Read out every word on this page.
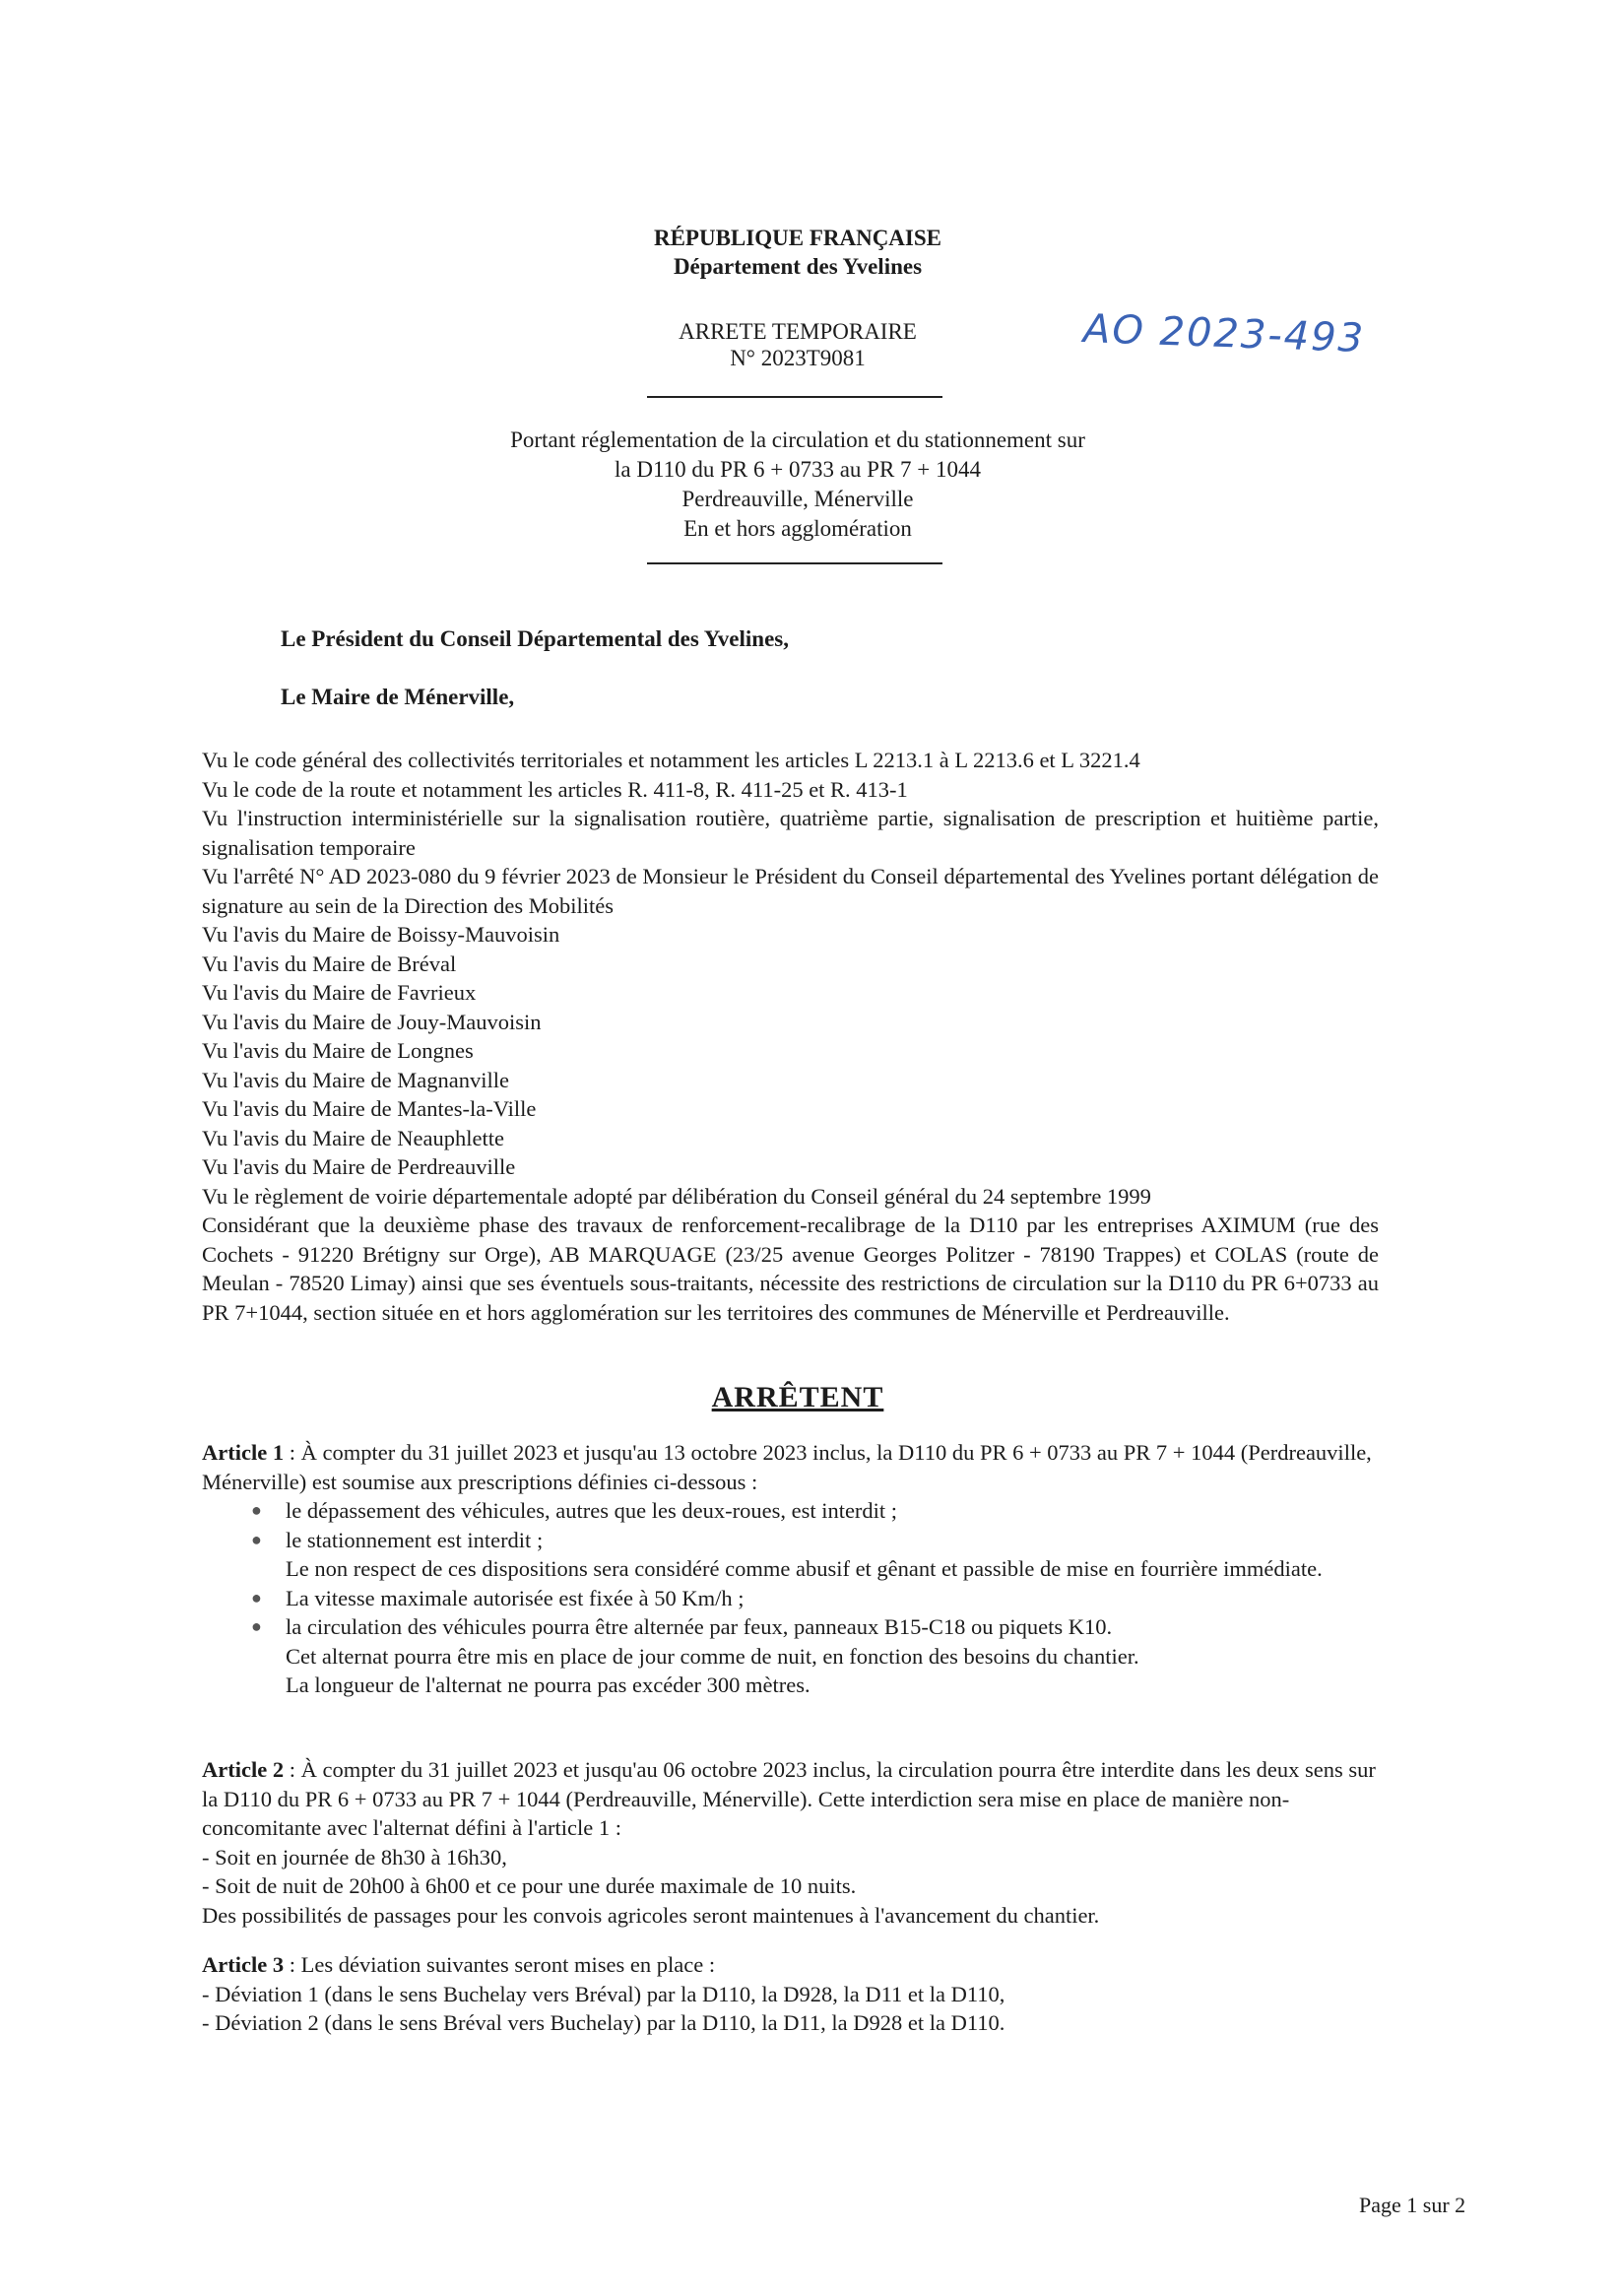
RÉPUBLIQUE FRANÇAISE
Département des Yvelines
ARRETE TEMPORAIRE
N° 2023T9081	AO 2023-493
Portant réglementation de la circulation et du stationnement sur
la D110 du PR 6 + 0733 au PR 7 + 1044
Perdreauville, Ménerville
En et hors agglomération
Le Président du Conseil Départemental des Yvelines,
Le Maire de Ménerville,
Vu le code général des collectivités territoriales et notamment les articles L 2213.1 à L 2213.6 et L 3221.4
Vu le code de la route et notamment les articles R. 411-8, R. 411-25 et R. 413-1
Vu l'instruction interministérielle sur la signalisation routière, quatrième partie, signalisation de prescription et huitième partie, signalisation temporaire
Vu l'arrêté N° AD 2023-080 du 9 février 2023 de Monsieur le Président du Conseil départemental des Yvelines portant délégation de signature au sein de la Direction des Mobilités
Vu l'avis du Maire de Boissy-Mauvoisin
Vu l'avis du Maire de Bréval
Vu l'avis du Maire de Favrieux
Vu l'avis du Maire de Jouy-Mauvoisin
Vu l'avis du Maire de Longnes
Vu l'avis du Maire de Magnanville
Vu l'avis du Maire de Mantes-la-Ville
Vu l'avis du Maire de Neauphlette
Vu l'avis du Maire de Perdreauville
Vu le règlement de voirie départementale adopté par délibération du Conseil général du 24 septembre 1999
Considérant que la deuxième phase des travaux de renforcement-recalibrage de la D110 par les entreprises AXIMUM (rue des Cochets - 91220 Brétigny sur Orge), AB MARQUAGE (23/25 avenue Georges Politzer - 78190 Trappes) et COLAS (route de Meulan - 78520 Limay) ainsi que ses éventuels sous-traitants, nécessite des restrictions de circulation sur la D110 du PR 6+0733 au PR 7+1044, section située en et hors agglomération sur les territoires des communes de Ménerville et Perdreauville.
ARRÊTENT
Article 1 : À compter du 31 juillet 2023 et jusqu'au 13 octobre 2023 inclus, la D110 du PR 6 + 0733 au PR 7 + 1044 (Perdreauville, Ménerville) est soumise aux prescriptions définies ci-dessous :
● le dépassement des véhicules, autres que les deux-roues, est interdit ;
● le stationnement est interdit ;
Le non respect de ces dispositions sera considéré comme abusif et gênant et passible de mise en fourrière immédiate.
● La vitesse maximale autorisée est fixée à 50 Km/h ;
● la circulation des véhicules pourra être alternée par feux, panneaux B15-C18 ou piquets K10.
Cet alternat pourra être mis en place de jour comme de nuit, en fonction des besoins du chantier.
La longueur de l'alternat ne pourra pas excéder 300 mètres.
Article 2 : À compter du 31 juillet 2023 et jusqu'au 06 octobre 2023 inclus, la circulation pourra être interdite dans les deux sens sur la D110 du PR 6 + 0733 au PR 7 + 1044 (Perdreauville, Ménerville). Cette interdiction sera mise en place de manière non-concomitante avec l'alternat défini à l'article 1 :
- Soit en journée de 8h30 à 16h30,
- Soit de nuit de 20h00 à 6h00 et ce pour une durée maximale de 10 nuits.
Des possibilités de passages pour les convois agricoles seront maintenues à l'avancement du chantier.
Article 3 : Les déviation suivantes seront mises en place :
- Déviation 1 (dans le sens Buchelay vers Bréval) par la D110, la D928, la D11 et la D110,
- Déviation 2 (dans le sens Bréval vers Buchelay) par la D110, la D11, la D928 et la D110.
Page 1 sur 2
